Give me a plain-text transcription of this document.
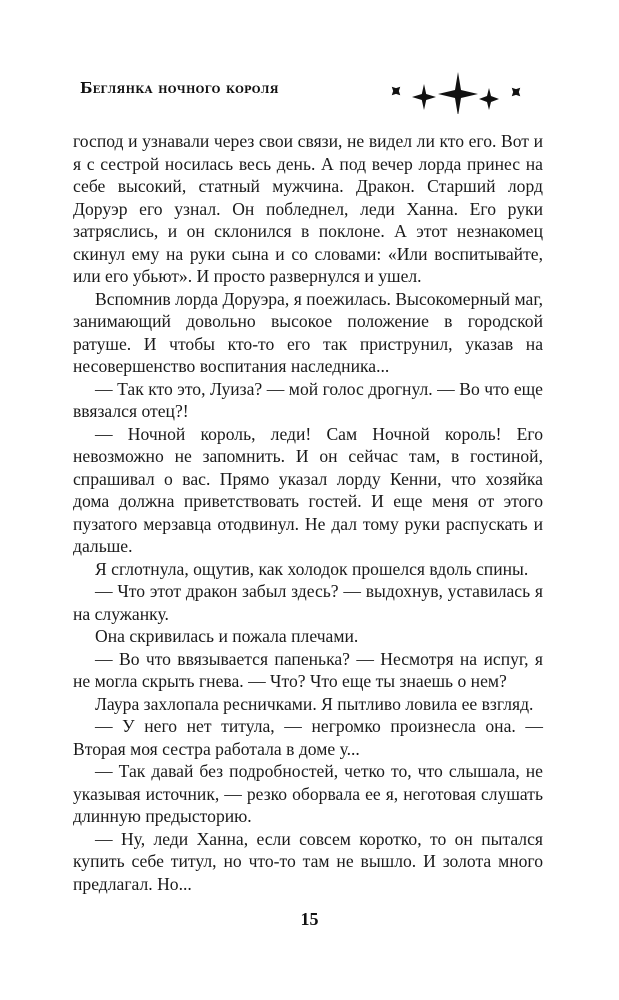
Беглянка ночного короля

господ и узнавали через свои связи, не видел ли кто его. Вот и я с сестрой носилась весь день. А под вечер лорда принес на себе высокий, статный мужчина. Дракон. Старший лорд Доруэр его узнал. Он побледнел, леди Ханна. Его руки затряслись, и он склонился в поклоне. А этот незнакомец скинул ему на руки сына и со словами: «Или воспитывайте, или его убьют». И просто развернулся и ушел.

Вспомнив лорда Доруэра, я поежилась. Высокомерный маг, занимающий довольно высокое положение в городской ратуше. И чтобы кто-то его так приструнил, указав на несовершенство воспитания наследника...

— Так кто это, Луиза? — мой голос дрогнул. — Во что еще ввязался отец?!

— Ночной король, леди! Сам Ночной король! Его невозможно не запомнить. И он сейчас там, в гостиной, спрашивал о вас. Прямо указал лорду Кенни, что хозяйка дома должна приветствовать гостей. И еще меня от этого пузатого мерзавца отодвинул. Не дал тому руки распускать и дальше.

Я сглотнула, ощутив, как холодок прошелся вдоль спины.

— Что этот дракон забыл здесь? — выдохнув, уставилась я на служанку.

Она скривилась и пожала плечами.

— Во что ввязывается папенька? — Несмотря на испуг, я не могла скрыть гнева. — Что? Что еще ты знаешь о нем?

Лаура захлопала ресничками. Я пытливо ловила ее взгляд.

— У него нет титула, — негромко произнесла она. — Вторая моя сестра работала в доме у...

— Так давай без подробностей, четко то, что слышала, не указывая источник, — резко оборвала ее я, неготовая слушать длинную предысторию.

— Ну, леди Ханна, если совсем коротко, то он пытался купить себе титул, но что-то там не вышло. И золота много предлагал. Но...

15
